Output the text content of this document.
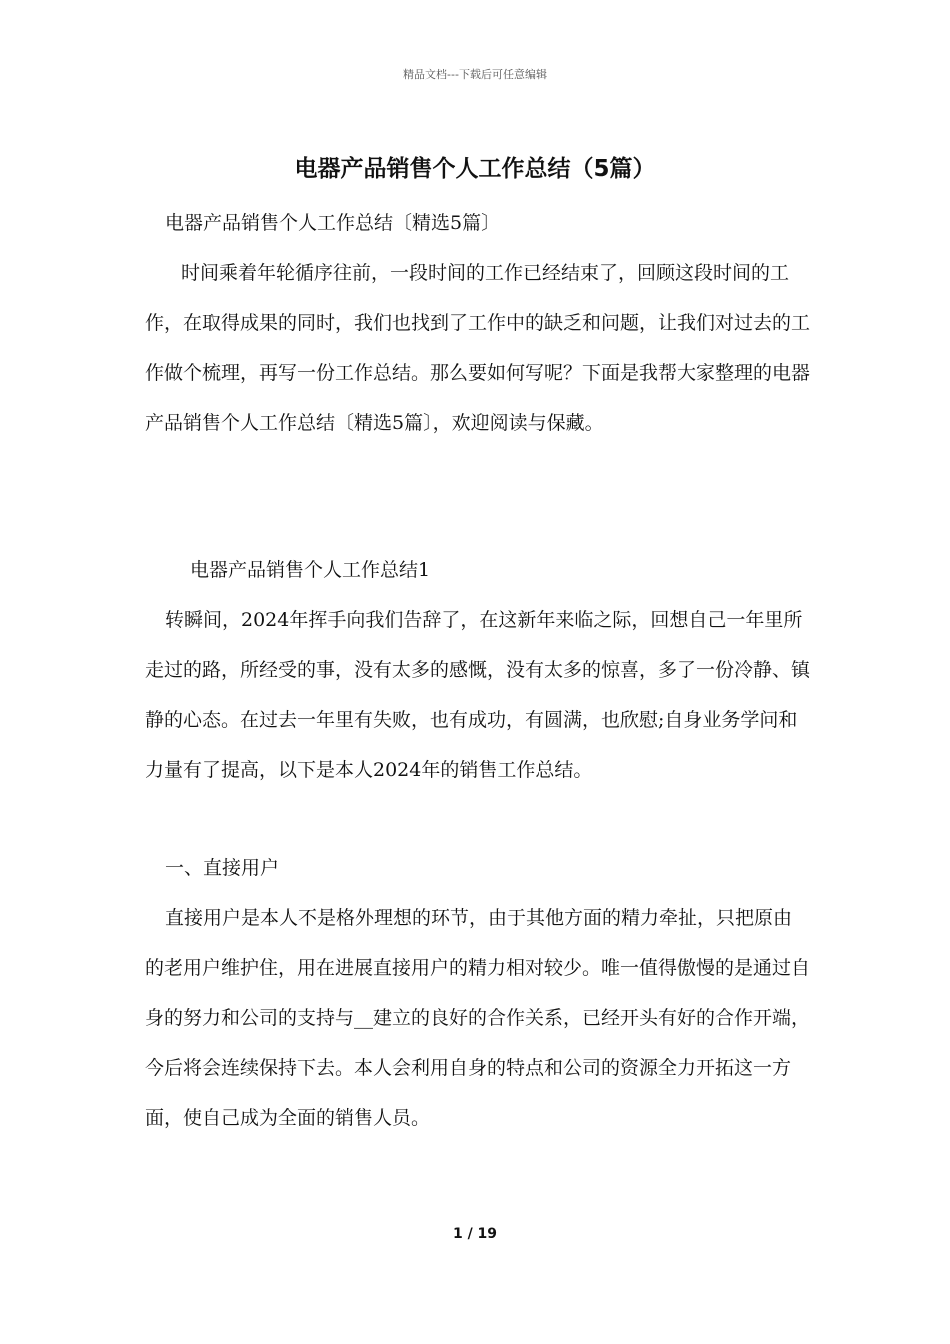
精品文档---下载后可任意编辑
电器产品销售个人工作总结（5篇）
电器产品销售个人工作总结〔精选5篇〕
时间乘着年轮循序往前，一段时间的工作已经结束了，回顾这段时间的工作，在取得成果的同时，我们也找到了工作中的缺乏和问题，让我们对过去的工作做个梳理，再写一份工作总结。那么要如何写呢？下面是我帮大家整理的电器产品销售个人工作总结〔精选5篇〕，欢迎阅读与保藏。
电器产品销售个人工作总结1
转瞬间，2024年挥手向我们告辞了，在这新年来临之际，回想自己一年里所走过的路，所经受的事，没有太多的感慨，没有太多的惊喜，多了一份冷静、镇静的心态。在过去一年里有失败，也有成功，有圆满，也欣慰;自身业务学问和力量有了提高，以下是本人2024年的销售工作总结。
一、直接用户
直接用户是本人不是格外理想的环节，由于其他方面的精力牵扯，只把原由的老用户维护住，用在进展直接用户的精力相对较少。唯一值得傲慢的是通过自身的努力和公司的支持与__建立的良好的合作关系，已经开头有好的合作开端，今后将会连续保持下去。本人会利用自身的特点和公司的资源全力开拓这一方面，使自己成为全面的销售人员。
1 / 19
